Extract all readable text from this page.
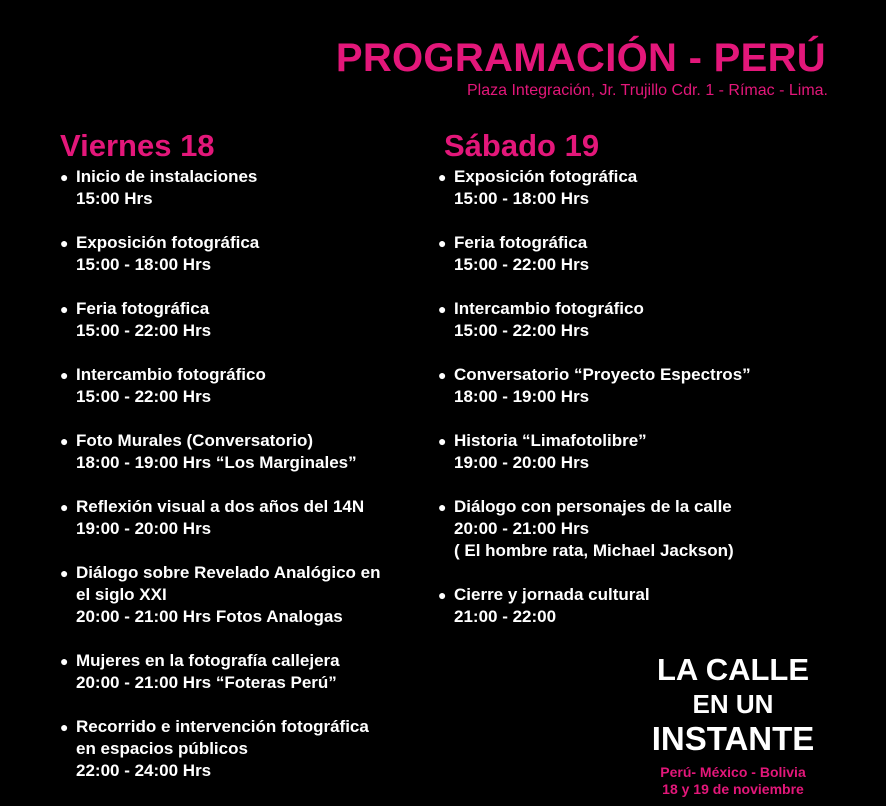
PROGRAMACIÓN - PERÚ
Plaza Integración, Jr. Trujillo Cdr. 1 - Rímac - Lima.
Viernes 18	Sábado 19
● Inicio de instalaciones
15:00 Hrs
● Exposición fotográfica
15:00 - 18:00 Hrs
● Feria fotográfica
15:00 - 22:00 Hrs
● Intercambio fotográfico
15:00 - 22:00 Hrs
● Foto Murales (Conversatorio)
18:00 - 19:00 Hrs “Los Marginales”
● Reflexión visual a dos años del 14N
19:00 - 20:00 Hrs
● Diálogo sobre Revelado Analógico en
el siglo XXI
20:00 - 21:00 Hrs Fotos Analogas
● Mujeres en la fotografía callejera
20:00 - 21:00 Hrs “Foteras Perú”
● Recorrido e intervención fotográfica
en espacios públicos
22:00 - 24:00 Hrs
● Exposición fotográfica
15:00 - 18:00 Hrs
● Feria fotográfica
15:00 - 22:00 Hrs
● Intercambio fotográfico
15:00 - 22:00 Hrs
● Conversatorio “Proyecto Espectros”
18:00 - 19:00 Hrs
● Historia “Limafotolibre”
19:00 - 20:00 Hrs
● Diálogo con personajes de la calle
20:00 - 21:00 Hrs
( El hombre rata, Michael Jackson)
● Cierre y jornada cultural
21:00 - 22:00
LA CALLE
EN UN
INSTANTE
Perú- México - Bolivia
18 y 19 de noviembre
